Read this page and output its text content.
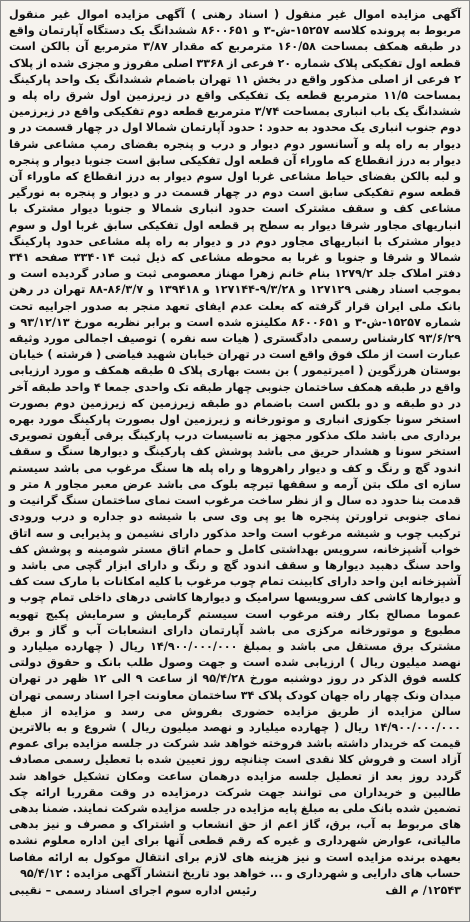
آگهی مزایده اموال غیر منقول ( اسناد رهنی ) آگهی مزایده اموال غیر منقول مربوط به پرونده کلاسه ۱۵۲۵۷-ش-۳ و ۸۶۰۰۶۵۱ ششدانگ یک دستگاه آپارتمان واقع در طبقه همکف بمساحت ۱۶۰/۵۸ مترمربع که مقدار ۳/۸۷ مترمربع آن بالکن است قطعه اول تفکیکی پلاک شماره ۲۰ فرعی از ۳۳۶۸ اصلی مفروز و مجزی شده از پلاک ۲ فرعی از اصلی مذکور واقع در بخش ۱۱ تهران باضمام ششدانگ یک واحد پارکینگ بمساحت ۱۱/۵ مترمربع قطعه یک تفکیکی واقع در زیرزمین اول شرق راه پله و ششدانگ یک باب انباری بمساحت ۳/۷۴ مترمربع قطعه دوم تفکیکی واقع در زیرزمین دوم جنوب انباری یک محدود به حدود : حدود آپارتمان شمالا اول در چهار قسمت در و دیوار به راه پله و آسانسور دوم دیوار و درب و پنجره بفضای رمپ مشاعی شرقا دیوار به درز انقطاع که ماوراء آن قطعه اول تفکیکی سابق است جنوبا دیوار و پنجره و لبه بالکن بفضای حیاط مشاعی غربا اول سوم دیوار به درز انقطاع که ماوراء آن قطعه سوم تفکیکی سابق است دوم در چهار قسمت در و دیوار و پنجره به نورگیر مشاعی کف و سقف مشترک است حدود انباری شمالا و جنوبا دیوار مشترک با انباریهای مجاور شرقا دیوار به سطح پر قطعه اول تفکیکی سابق غربا اول و سوم دیوار مشترک با انباریهای مجاور دوم در و دیوار به راه پله مشاعی حدود پارکینگ شمالا و شرقا و جنوبا و غربا به محوطه مشاعی که ذیل ثبت ۳۳۴۰۱۴ صفحه ۳۴۱ دفتر املاک جلد ۱۲۷۹/۲ بنام خانم زهرا مهناز معصومی ثبت و صادر گردیده است و بموجب اسناد رهنی ۱۲۷۱۲۹ و ۹/۳/۲۸-۱۲۷۱۴۴ و ۱۳۹۴۱۸ و ۸۶/۳/۷-۸۸ تهران در رهن بانک ملی ایران قرار گرفته که بعلت عدم ایفای تعهد منجر به صدور اجراییه تحت شماره ۱۵۲۵۷-ش-۳ و ۸۶۰۰۶۵۱ مکلینزه شده است و برابر نظریه مورخ ۹۳/۱۲/۱۳ و ۹۳/۶/۲۹ کارشناس رسمی دادگستری ( هیات سه نفره ) توصیف اجمالی مورد وثیقه عبارت است از ملک فوق واقع است در تهران خیابان شهید فیاضی ( فرشته ) خیابان بوستان هرزگوین ( امیرتیمور ) بن بست بهاری پلاک ۵ طبقه همکف و مورد ارزیابی واقع در طبقه همکف ساختمان جنوبی چهار طبقه تک واحدی جمعا ۴ واحد طبقه آخر در دو طبقه و دو بلکس است باضمام دو طبقه زیرزمین که زیرزمین دوم بصورت استخر سونا جکوزی انباری و موتورخانه و زیرزمین اول بصورت پارکینگ مورد بهره برداری می باشد ملک مذکور مجهز به تاسیسات درب پارکینگ برقی آیفون تصویری استخر سونا و هشدار حریق می باشد پوشش کف پارکینگ و دیوارها سنگ و سقف اندود گچ و رنگ و کف و دیوار راهروها و راه پله ها سنگ مرغوب می باشد سیستم سازه ای ملک بتن آرمه و سقفها تیرچه بلوک می باشد عرض معبر مجاور ۸ متر و قدمت بنا حدود ده سال و از نظر ساخت مرغوب است نمای ساختمان سنگ گرانیت و نمای جنوبی تراورتن پنجره ها یو پی وی سی با شیشه دو جداره و درب ورودی ترکیب چوب و شیشه مرغوب است واحد مذکور دارای نشیمن و پذیرایی و سه اتاق خواب آشپزخانه، سرویس بهداشتی کامل و حمام اتاق مستر شومینه و پوشش کف واحد سنگ دهبید دیوارها و سقف اندود گچ و رنگ و دارای ابزار گچی می باشد و آشپزخانه این واحد دارای کابینت تمام چوب مرغوب با کلیه امکانات با مارک ست کف و دیوارها کاشی کف سرویسها سرامیک و دیوارها کاشی درهای داخلی تمام چوب و عموما مصالح بکار رفته مرغوب است سیستم گرمایش و سرمایش پکیج تهویه مطبوع و موتورخانه مرکزی می باشد آپارتمان دارای انشعابات آب و گاز و برق مشترک برق مستقل می باشد و بمبلغ ۱۴/۹۰۰/۰۰۰/۰۰۰ ریال ( چهارده میلیارد و نهصد میلیون ریال ) ارزیابی شده است و جهت وصول طلب بانک و حقوق دولتی کلسه فوق الذکر در روز دوشنبه مورخ ۹۵/۴/۲۸ از ساعت ۹ الی ۱۲ ظهر در تهران میدان ونک چهار راه جهان کودک پلاک ۳۴ ساختمان معاونت اجرا اسناد رسمی تهران سالن مزایده از طریق مزایده حضوری بفروش می رسد و مزایده از مبلغ ۱۴/۹۰۰/۰۰۰/۰۰۰ ریال ( چهارده میلیارد و نهصد میلیون ریال ) شروع و به بالاترین قیمت که خریدار داشته باشد فروخته خواهد شد شرکت در جلسه مزایده برای عموم آزاد است و فروش کلا نقدی است چنانچه روز تعیین شده با تعطیل رسمی مصادف گردد روز بعد از تعطیل جلسه مزایده درهمان ساعت ومکان تشکیل خواهد شد طالبین و خریداران می توانند جهت شرکت درمزایده در وقت مقرربا ارائه چک تضمین شده بانک ملی به مبلغ پایه مزایده در جلسه مزایده شرکت نمایند. ضمنا بدهی های مربوط به آب، برق، گاز اعم از حق انشعاب و اشتراک و مصرف و نیز بدهی مالیاتی، عوارض شهرداری و غیره که رقم قطعی آنها برای این اداره معلوم نشده بعهده برنده مزایده است و نیز هزینه های لازم برای انتقال موکول به ارائه مفاصا حساب های دارایی و شهرداری و ... خواهد بود تاریخ انتشار آگهی مزایده : ۹۵/۴/۱۲

۱۲۵۴۳/ م الف
رئیس اداره سوم اجرای اسناد رسمی – نقیبی
